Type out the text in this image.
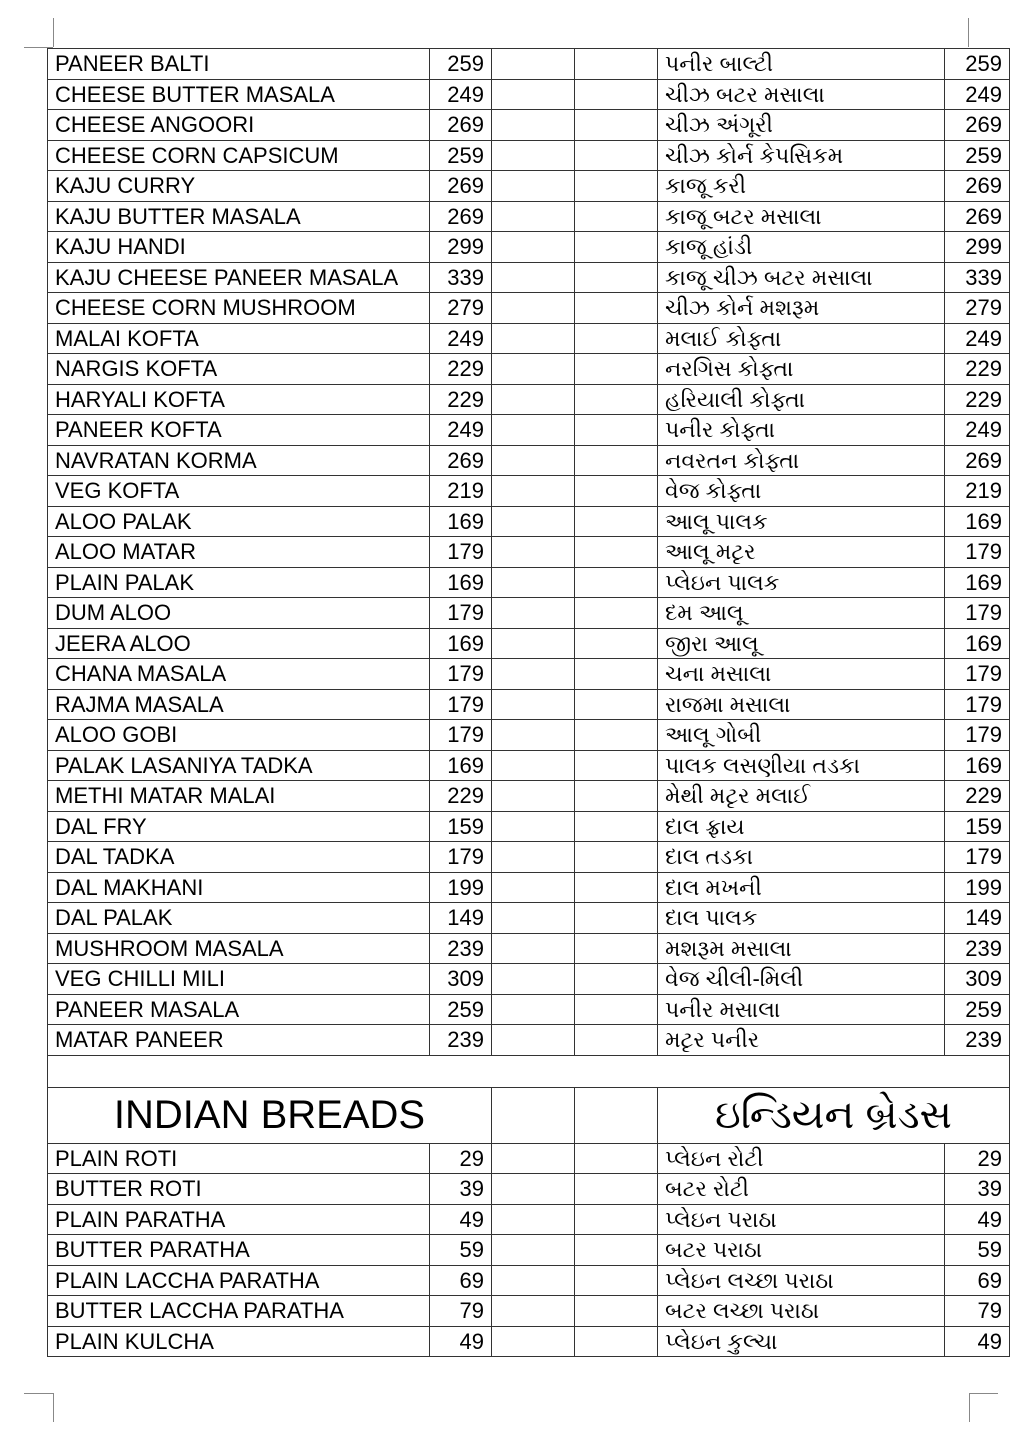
PANEER BALTI	259			પનીર બાલ્ટી	259
CHEESE BUTTER MASALA	249			ચીઝ બટર મસાલા	249
CHEESE ANGOORI	269			ચીઝ અંગૂરી	269
CHEESE CORN CAPSICUM	259			ચીઝ કોર્ન કેપસિકમ	259
KAJU CURRY	269			કાજૂ કરી	269
KAJU BUTTER MASALA	269			કાજૂ બટર મસાલા	269
KAJU HANDI	299			કાજૂ હાંડી	299
KAJU CHEESE PANEER MASALA	339			કાજૂ ચીઝ બટર મસાલા	339
CHEESE CORN MUSHROOM	279			ચીઝ કોર્ન મશરૂમ	279
MALAI KOFTA	249			મલાઈ કોફ્તા	249
NARGIS KOFTA	229			નરગિસ કોફ્તા	229
HARYALI KOFTA	229			હરિયાલી કોફ્તા	229
PANEER KOFTA	249			પનીર કોફ્તા	249
NAVRATAN KORMA	269			નવરતન કોફ્તા	269
VEG KOFTA	219			વેજ કોફ્તા	219
ALOO PALAK	169			આલૂ પાલક	169
ALOO MATAR	179			આલૂ મટૃર	179
PLAIN PALAK	169			પ્લેઇન પાલક	169
DUM ALOO	179			દમ આલૂ	179
JEERA ALOO	169			જીરા આલૂ	169
CHANA MASALA	179			ચના મસાલા	179
RAJMA MASALA	179			રાજમા મસાલા	179
ALOO GOBI	179			આલૂ ગોબી	179
PALAK LASANIYA TADKA	169			પાલક લસણીયા તડકા	169
METHI MATAR MALAI	229			મેથી મટૃર મલાઈ	229
DAL FRY	159			દાલ ફ્રાય	159
DAL TADKA	179			દાલ તડકા	179
DAL MAKHANI	199			દાલ મખની	199
DAL PALAK	149			દાલ પાલક	149
MUSHROOM MASALA	239			મશરૂમ મસાલા	239
VEG CHILLI MILI	309			વેજ ચીલી-મિલી	309
PANEER MASALA	259			પનીર મસાલા	259
MATAR PANEER	239			મટૃર પનીર	239

INDIAN BREADS				ઇન્ડિયન બ્રેડસ	
PLAIN ROTI	29			પ્લેઇન રોટી	29
BUTTER ROTI	39			બટર રોટી	39
PLAIN PARATHA	49			પ્લેઇન પરાઠા	49
BUTTER PARATHA	59			બટર પરાઠા	59
PLAIN LACCHA PARATHA	69			પ્લેઇન લચ્છા પરાઠા	69
BUTTER LACCHA PARATHA	79			બટર લચ્છા પરાઠા	79
PLAIN KULCHA	49			પ્લેઇન કુલ્ચા	49
